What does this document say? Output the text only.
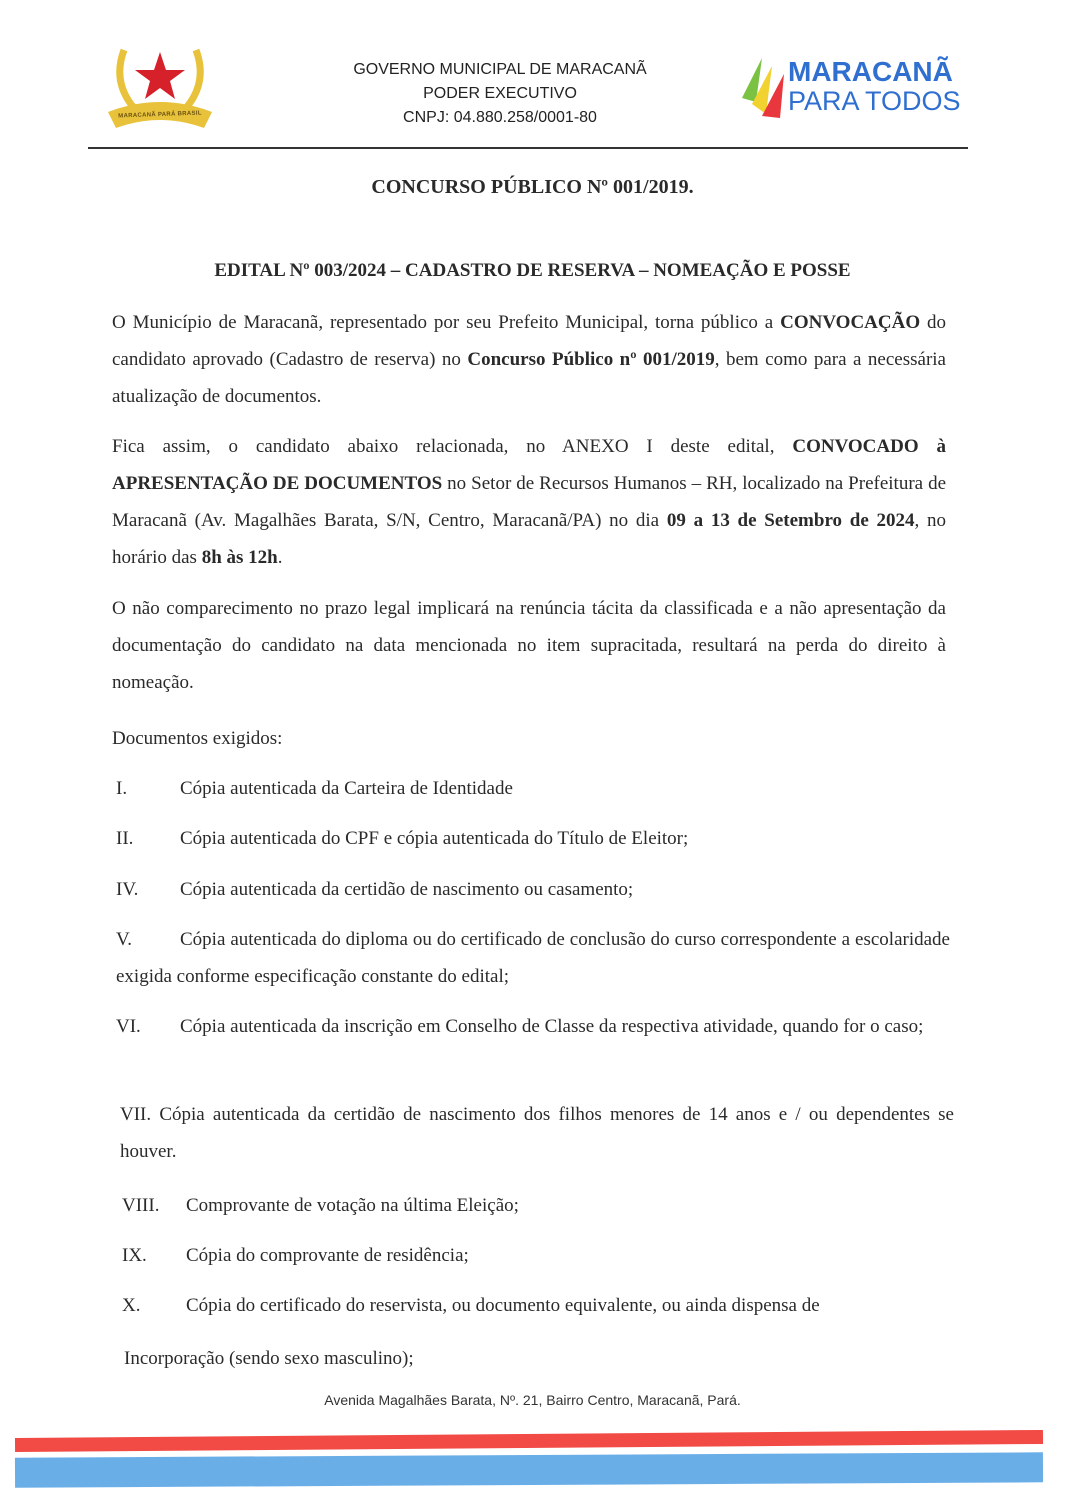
MARACANÃ PARÁ BRASIL
GOVERNO MUNICIPAL DE MARACANÃ
PODER EXECUTIVO
CNPJ: 04.880.258/0001-80
MARACANÃ
PARA TODOS
CONCURSO PÚBLICO Nº 001/2019.
EDITAL Nº 003/2024 – CADASTRO DE RESERVA – NOMEAÇÃO E POSSE
O Município de Maracanã, representado por seu Prefeito Municipal, torna público a CONVOCAÇÃO do candidato aprovado (Cadastro de reserva) no Concurso Público nº 001/2019, bem como para a necessária atualização de documentos.
Fica assim, o candidato abaixo relacionada, no ANEXO I deste edital, CONVOCADO à APRESENTAÇÃO DE DOCUMENTOS no Setor de Recursos Humanos – RH, localizado na Prefeitura de Maracanã (Av. Magalhães Barata, S/N, Centro, Maracanã/PA) no dia 09 a 13 de Setembro de 2024, no horário das 8h às 12h.
O não comparecimento no prazo legal implicará na renúncia tácita da classificada e a não apresentação da documentação do candidato na data mencionada no item supracitada, resultará na perda do direito à nomeação.
Documentos exigidos:
I.	Cópia autenticada da Carteira de Identidade
II. Cópia autenticada do CPF e cópia autenticada do Título de Eleitor;
IV. Cópia autenticada da certidão de nascimento ou casamento;
V.	Cópia autenticada do diploma ou do certificado de conclusão do curso correspondente a escolaridade exigida conforme especificação constante do edital;
VI. Cópia autenticada da inscrição em Conselho de Classe da respectiva atividade, quando for o caso;
VII. Cópia autenticada da certidão de nascimento dos filhos menores de 14 anos e / ou dependentes se houver.
VIII. Comprovante de votação na última Eleição;
IX. Cópia do comprovante de residência;
X. Cópia do certificado do reservista, ou documento equivalente, ou ainda dispensa de
Incorporação (sendo sexo masculino);
Avenida Magalhães Barata, Nº. 21, Bairro Centro, Maracanã, Pará.
